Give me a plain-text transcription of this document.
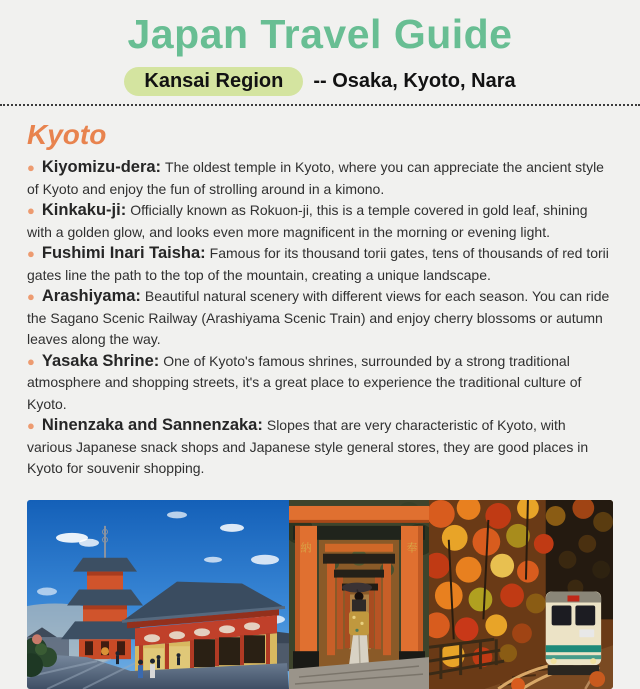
Japan Travel Guide
Kansai Region	-- Osaka, Kyoto, Nara
Kyoto
● Kiyomizu-dera: The oldest temple in Kyoto, where you can appreciate the ancient style of Kyoto and enjoy the fun of strolling around in a kimono.
● Kinkaku-ji: Officially known as Rokuon-ji, this is a temple covered in gold leaf, shining with a golden glow, and looks even more magnificent in the morning or evening light.
● Fushimi Inari Taisha: Famous for its thousand torii gates, tens of thousands of red torii gates line the path to the top of the mountain, creating a unique landscape.
● Arashiyama: Beautiful natural scenery with different views for each season. You can ride the Sagano Scenic Railway (Arashiyama Scenic Train) and enjoy cherry blossoms or autumn leaves along the way.
● Yasaka Shrine: One of Kyoto's famous shrines, surrounded by a strong traditional atmosphere and shopping streets, it's a great place to experience the traditional culture of Kyoto.
● Ninenzaka and Sannenzaka: Slopes that are very characteristic of Kyoto, with various Japanese snack shops and Japanese style general stores, they are good places in Kyoto for souvenir shopping.
納	奉
